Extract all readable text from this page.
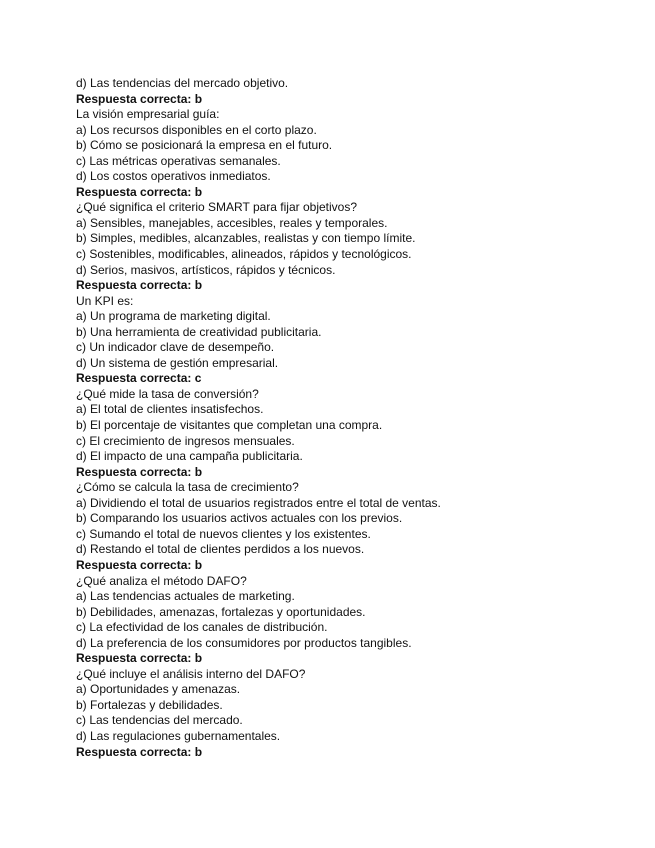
d) Las tendencias del mercado objetivo.
Respuesta correcta: b
La visión empresarial guía:
a) Los recursos disponibles en el corto plazo.
b) Cómo se posicionará la empresa en el futuro.
c) Las métricas operativas semanales.
d) Los costos operativos inmediatos.
Respuesta correcta: b
¿Qué significa el criterio SMART para fijar objetivos?
a) Sensibles, manejables, accesibles, reales y temporales.
b) Simples, medibles, alcanzables, realistas y con tiempo límite.
c) Sostenibles, modificables, alineados, rápidos y tecnológicos.
d) Serios, masivos, artísticos, rápidos y técnicos.
Respuesta correcta: b
Un KPI es:
a) Un programa de marketing digital.
b) Una herramienta de creatividad publicitaria.
c) Un indicador clave de desempeño.
d) Un sistema de gestión empresarial.
Respuesta correcta: c
¿Qué mide la tasa de conversión?
a) El total de clientes insatisfechos.
b) El porcentaje de visitantes que completan una compra.
c) El crecimiento de ingresos mensuales.
d) El impacto de una campaña publicitaria.
Respuesta correcta: b
¿Cómo se calcula la tasa de crecimiento?
a) Dividiendo el total de usuarios registrados entre el total de ventas.
b) Comparando los usuarios activos actuales con los previos.
c) Sumando el total de nuevos clientes y los existentes.
d) Restando el total de clientes perdidos a los nuevos.
Respuesta correcta: b
¿Qué analiza el método DAFO?
a) Las tendencias actuales de marketing.
b) Debilidades, amenazas, fortalezas y oportunidades.
c) La efectividad de los canales de distribución.
d) La preferencia de los consumidores por productos tangibles.
Respuesta correcta: b
¿Qué incluye el análisis interno del DAFO?
a) Oportunidades y amenazas.
b) Fortalezas y debilidades.
c) Las tendencias del mercado.
d) Las regulaciones gubernamentales.
Respuesta correcta: b
